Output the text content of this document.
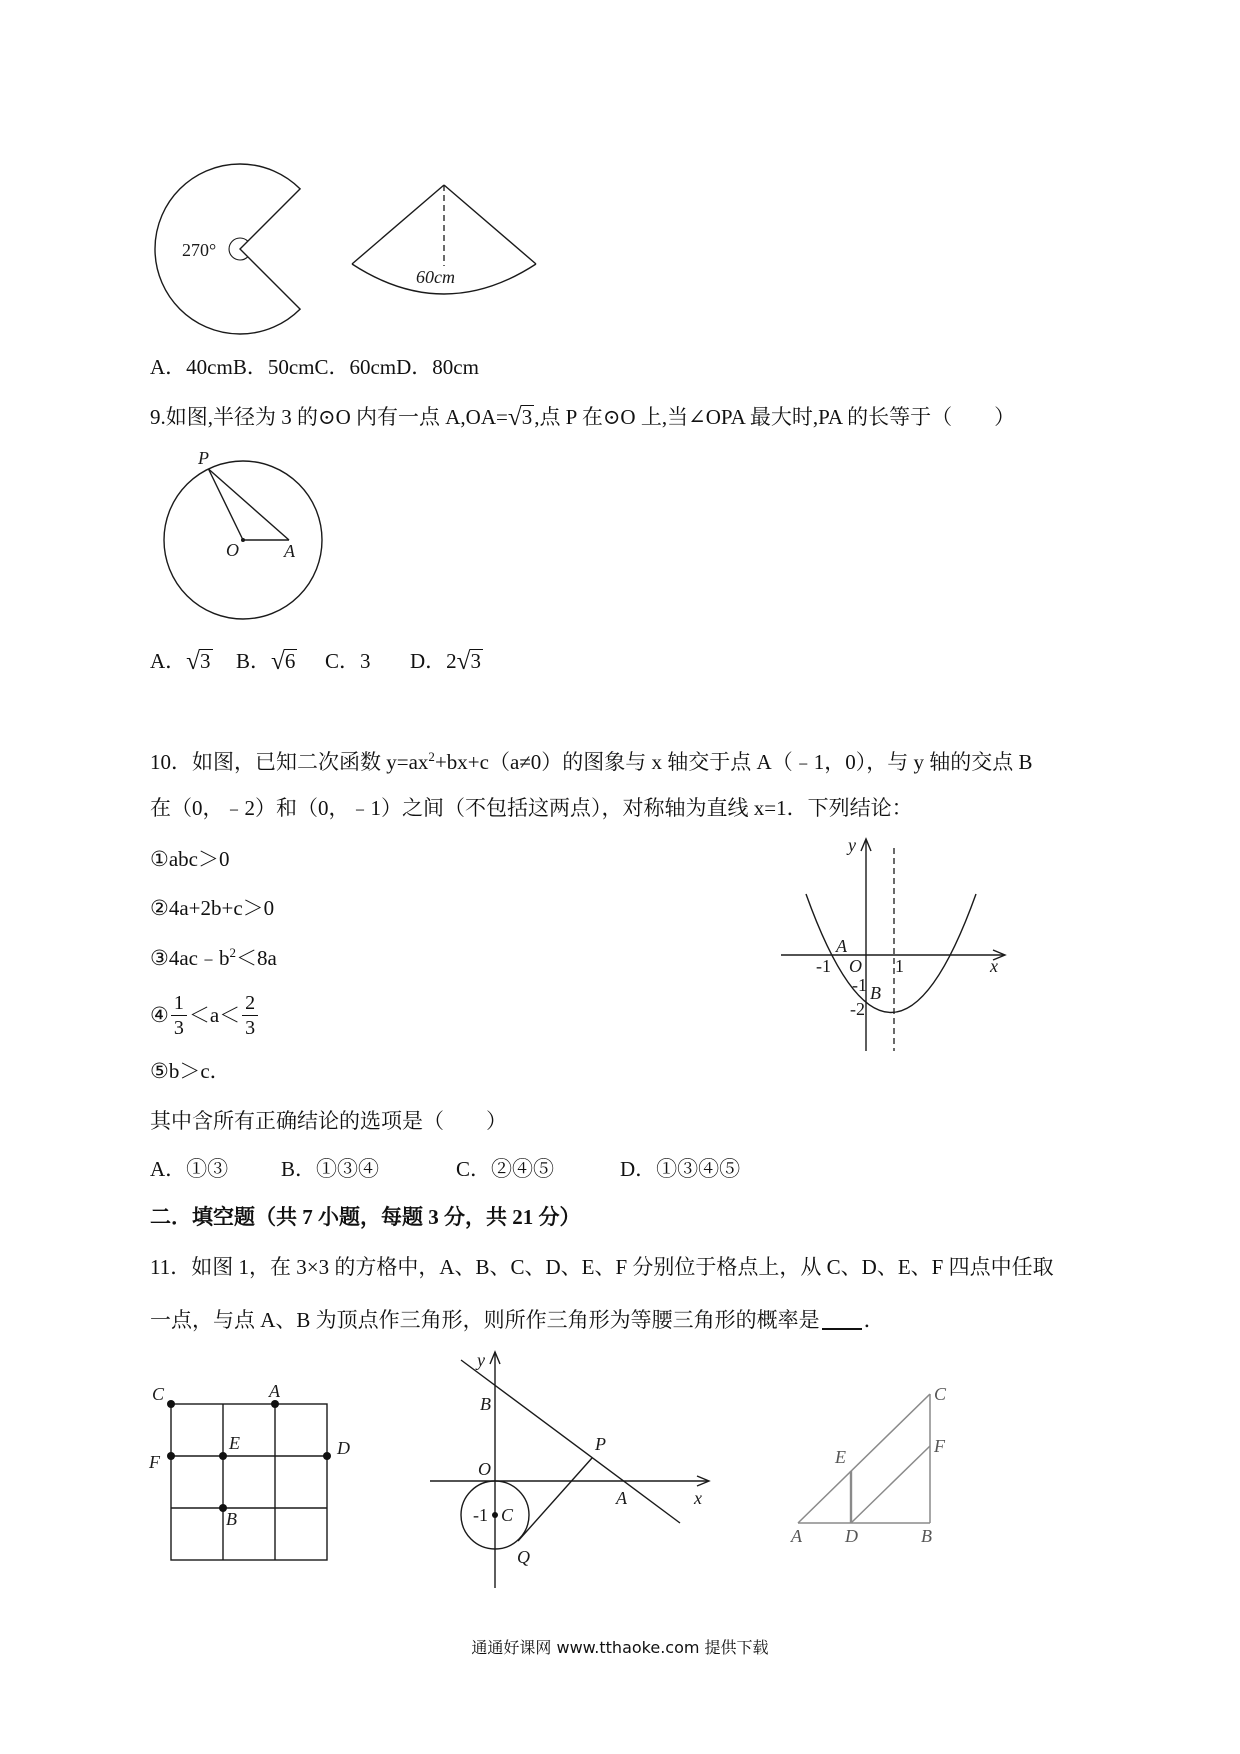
270°
60cm
P
O	A
y
A
-1 O 1	x
-1 B
-2
C	A
E	D
F
B
y
B
O
P
A	x
-1 C
Q
C
F
E
A D	B
A．40cmB．50cmC．60cmD．80cm
9.如图,半径为 3 的⊙O 内有一点 A,OA=√3,点 P 在⊙O 上,当∠OPA 最大时,PA 的长等于（　　）
A．√3 B．√6 C．3 D．2√3
10．如图，已知二次函数 $y=ax^2+bx+c(a\ne 0)$的图象与 x 轴交于点 A（﹣1，0），与 y 轴的交点 B
在（0，﹣2）和（0，﹣1）之间（不包括这两点），对称轴为直线 x=1．下列结论：
①abc＞0
②4a+2b+c＞0
$③4ac﹣b^2<8a$
④ $\frac{1}{3} <a< \frac{2}{3}$
⑤b＞c．
其中含所有正确结论的选项是（　　）
A．①③	B．①③④	C．②④⑤	D．①③④⑤
二．填空题（共 7 小题，每题 3 分，共 21 分）
11．如图 1，在 3×3 的方格中，A、B、C、D、E、F 分别位于格点上，从 C、D、E、F 四点中任取
一点，与点 A、B 为顶点作三角形，则所作三角形为等腰三角形的概率是 ．
通通好课网 www.tthaoke.com 提供下载
